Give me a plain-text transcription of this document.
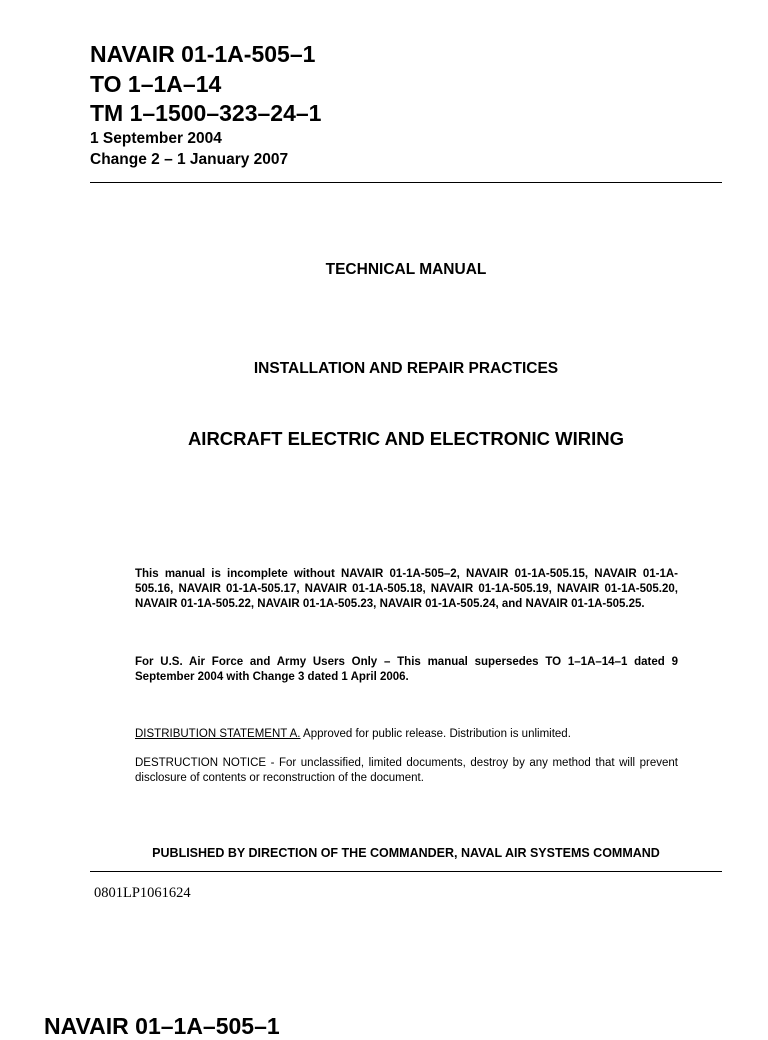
NAVAIR 01-1A-505–1
TO 1–1A–14
TM 1–1500–323–24–1
1 September 2004
Change 2 – 1 January 2007
TECHNICAL MANUAL
INSTALLATION AND REPAIR PRACTICES
AIRCRAFT ELECTRIC AND ELECTRONIC WIRING
This manual is incomplete without NAVAIR 01-1A-505–2, NAVAIR 01-1A-505.15, NAVAIR 01-1A-505.16, NAVAIR 01-1A-505.17, NAVAIR 01-1A-505.18, NAVAIR 01-1A-505.19, NAVAIR 01-1A-505.20, NAVAIR 01-1A-505.22, NAVAIR 01-1A-505.23, NAVAIR 01-1A-505.24, and NAVAIR 01-1A-505.25.
For U.S. Air Force and Army Users Only – This manual supersedes TO 1–1A–14–1 dated 9 September 2004 with Change 3 dated 1 April 2006.
DISTRIBUTION STATEMENT A. Approved for public release. Distribution is unlimited.
DESTRUCTION NOTICE - For unclassified, limited documents, destroy by any method that will prevent disclosure of contents or reconstruction of the document.
PUBLISHED BY DIRECTION OF THE COMMANDER, NAVAL AIR SYSTEMS COMMAND
0801LP1061624
NAVAIR 01–1A–505–1
